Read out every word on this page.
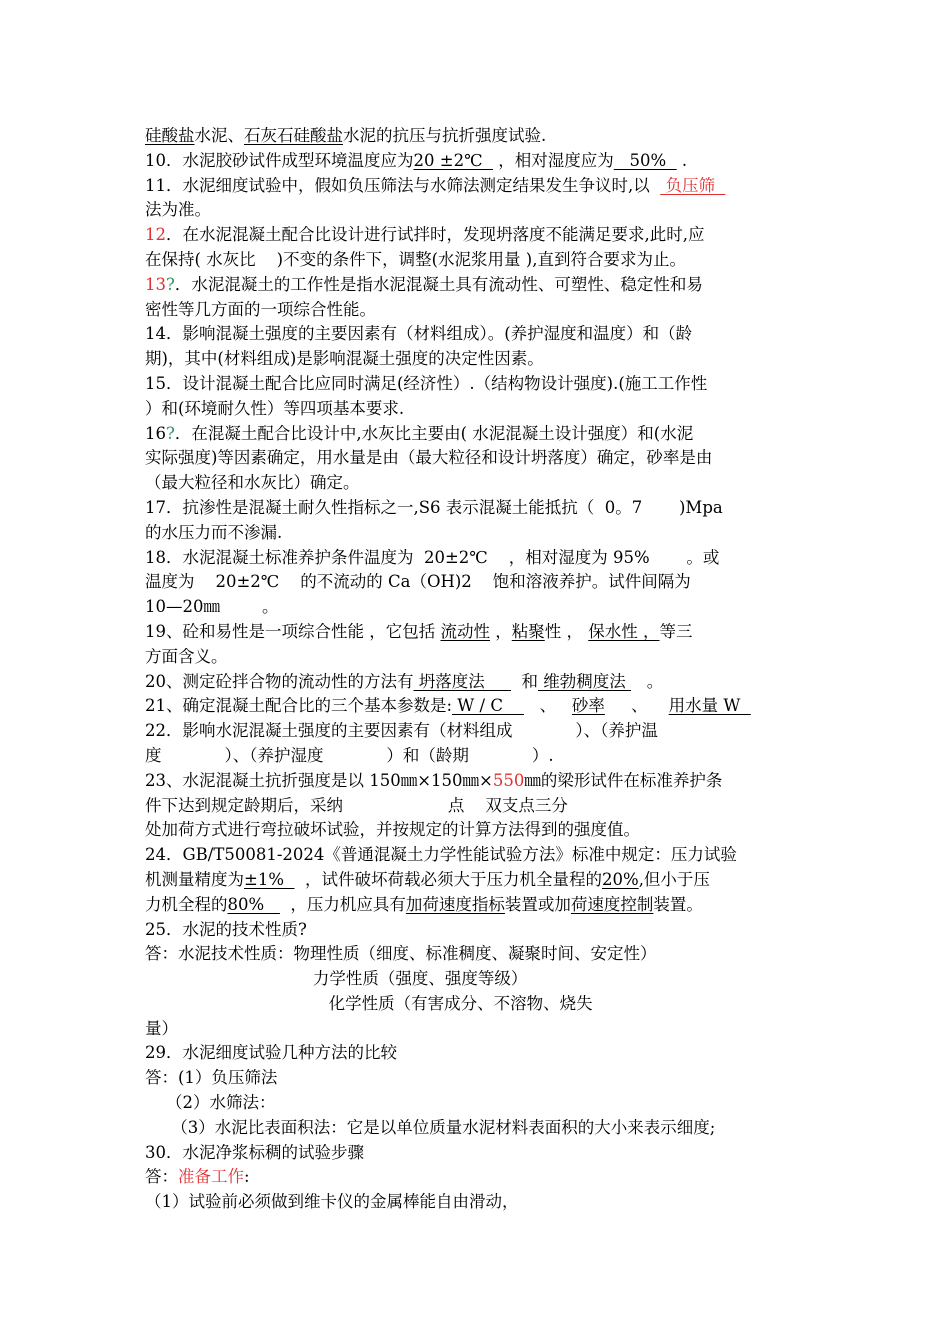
硅酸盐水泥、石灰石硅酸盐水泥的抗压与抗折强度试验.
10．水泥胶砂试件成型环境温度应为20 ±2℃   ，相对湿度应为   50%   .
11．水泥细度试验中，假如负压筛法与水筛法测定结果发生争议时,以   负压筛
法为准。
12．在水泥混凝土配合比设计进行试拌时，发现坍落度不能满足要求,此时,应
在保持( 水灰比    )不变的条件下，调整(水泥浆用量 ),直到符合要求为止。
13?．水泥混凝土的工作性是指水泥混凝土具有流动性、可塑性、稳定性和易
密性等几方面的一项综合性能。
14．影响混凝土强度的主要因素有（材料组成）。(养护湿度和温度）和（龄
期)，其中(材料组成)是影响混凝土强度的决定性因素。
15．设计混凝土配合比应同时满足(经济性）.（结构物设计强度).(施工工作性
）和(环境耐久性）等四项基本要求.
16?．在混凝土配合比设计中,水灰比主要由( 水泥混凝土设计强度）和(水泥
实际强度)等因素确定，用水量是由（最大粒径和设计坍落度）确定，砂率是由
（最大粒径和水灰比）确定。
17．抗渗性是混凝土耐久性指标之一,S6 表示混凝土能抵抗（  0。7       )Mpa
的水压力而不渗漏.
18．水泥混凝土标准养护条件温度为  20±2℃    ，相对湿度为 95%       。或
温度为    20±2℃    的不流动的 Ca（OH)2    饱和溶液养护。试件间隔为
10—20㎜        。
19、砼和易性是一项综合性能 ，它包括 流动性 ，粘聚性 ， 保水性 ，等三
方面含义。
20、测定砼拌合物的流动性的方法有 坍落度法       和 维勃稠度法    。
21、确定混凝土配合比的三个基本参数是: W / C       、   砂率     、    用水量 W
22．影响水泥混凝土强度的主要因素有（材料组成            ）、（养护温
度            ）、（养护湿度            ）和（龄期            ）.
23、水泥混凝土抗折强度是以 150㎜×150㎜×550㎜的梁形试件在标准养护条
件下达到规定龄期后，采纳                    点    双支点三分
处加荷方式进行弯拉破坏试验，并按规定的计算方法得到的强度值。
24．GB/T50081-2024《普通混凝土力学性能试验方法》标准中规定：压力试验
机测量精度为±1%    ，试件破坏荷载必须大于压力机全量程的20%,但小于压
力机全程的80%     ，压力机应具有加荷速度指标装置或加荷速度控制装置。
25．水泥的技术性质?
答：水泥技术性质：物理性质（细度、标准稠度、凝聚时间、安定性）
力学性质（强度、强度等级）
化学性质（有害成分、不溶物、烧失
量）
29．水泥细度试验几种方法的比较
答：(1）负压筛法
（2）水筛法：
（3）水泥比表面积法：它是以单位质量水泥材料表面积的大小来表示细度;
30．水泥净浆标稠的试验步骤
答：准备工作:
（1）试验前必须做到维卡仪的金属棒能自由滑动，
